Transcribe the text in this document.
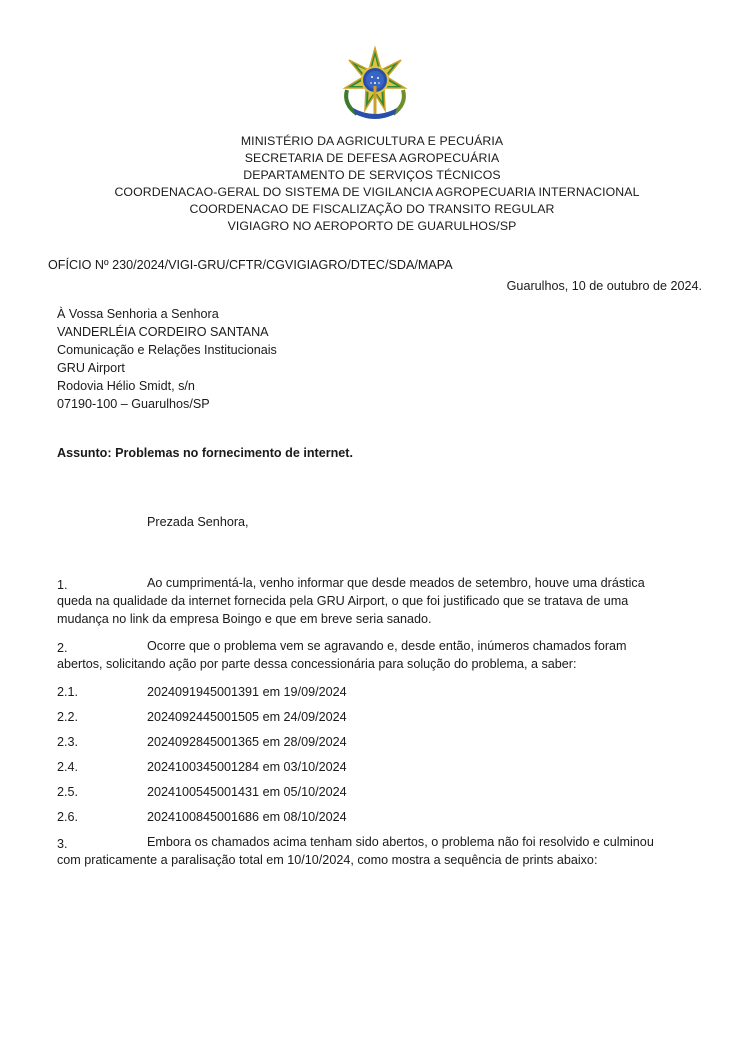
MINISTÉRIO DA AGRICULTURA E PECUÁRIA
SECRETARIA DE DEFESA AGROPECUÁRIA
DEPARTAMENTO DE SERVIÇOS TÉCNICOS
COORDENACAO-GERAL DO SISTEMA DE VIGILANCIA AGROPECUARIA INTERNACIONAL
COORDENACAO DE FISCALIZAÇÃO DO TRANSITO REGULAR
VIGIAGRO NO AEROPORTO DE GUARULHOS/SP
OFÍCIO Nº 230/2024/VIGI-GRU/CFTR/CGVIGIAGRO/DTEC/SDA/MAPA
Guarulhos, 10 de outubro de 2024.
À Vossa Senhoria a Senhora
VANDERLÉIA CORDEIRO SANTANA
Comunicação e Relações Institucionais
GRU Airport
Rodovia Hélio Smidt, s/n
07190-100 – Guarulhos/SP
Assunto: Problemas no fornecimento de internet.
Prezada Senhora,
1.	Ao cumprimentá-la, venho informar que desde meados de setembro, houve uma drástica
queda na qualidade da internet fornecida pela GRU Airport, o que foi justificado que se tratava de uma
mudança no link da empresa Boingo e que em breve seria sanado.
2.	Ocorre que o problema vem se agravando e, desde então, inúmeros chamados foram
abertos, solicitando ação por parte dessa concessionária para solução do problema, a saber:
2.1.	2024091945001391 em 19/09/2024
2.2.	2024092445001505 em 24/09/2024
2.3.	2024092845001365 em 28/09/2024
2.4.	2024100345001284 em 03/10/2024
2.5.	2024100545001431 em 05/10/2024
2.6.	2024100845001686 em 08/10/2024
3.	Embora os chamados acima tenham sido abertos, o problema não foi resolvido e culminou
com praticamente a paralisação total em 10/10/2024, como mostra a sequência de prints abaixo:
